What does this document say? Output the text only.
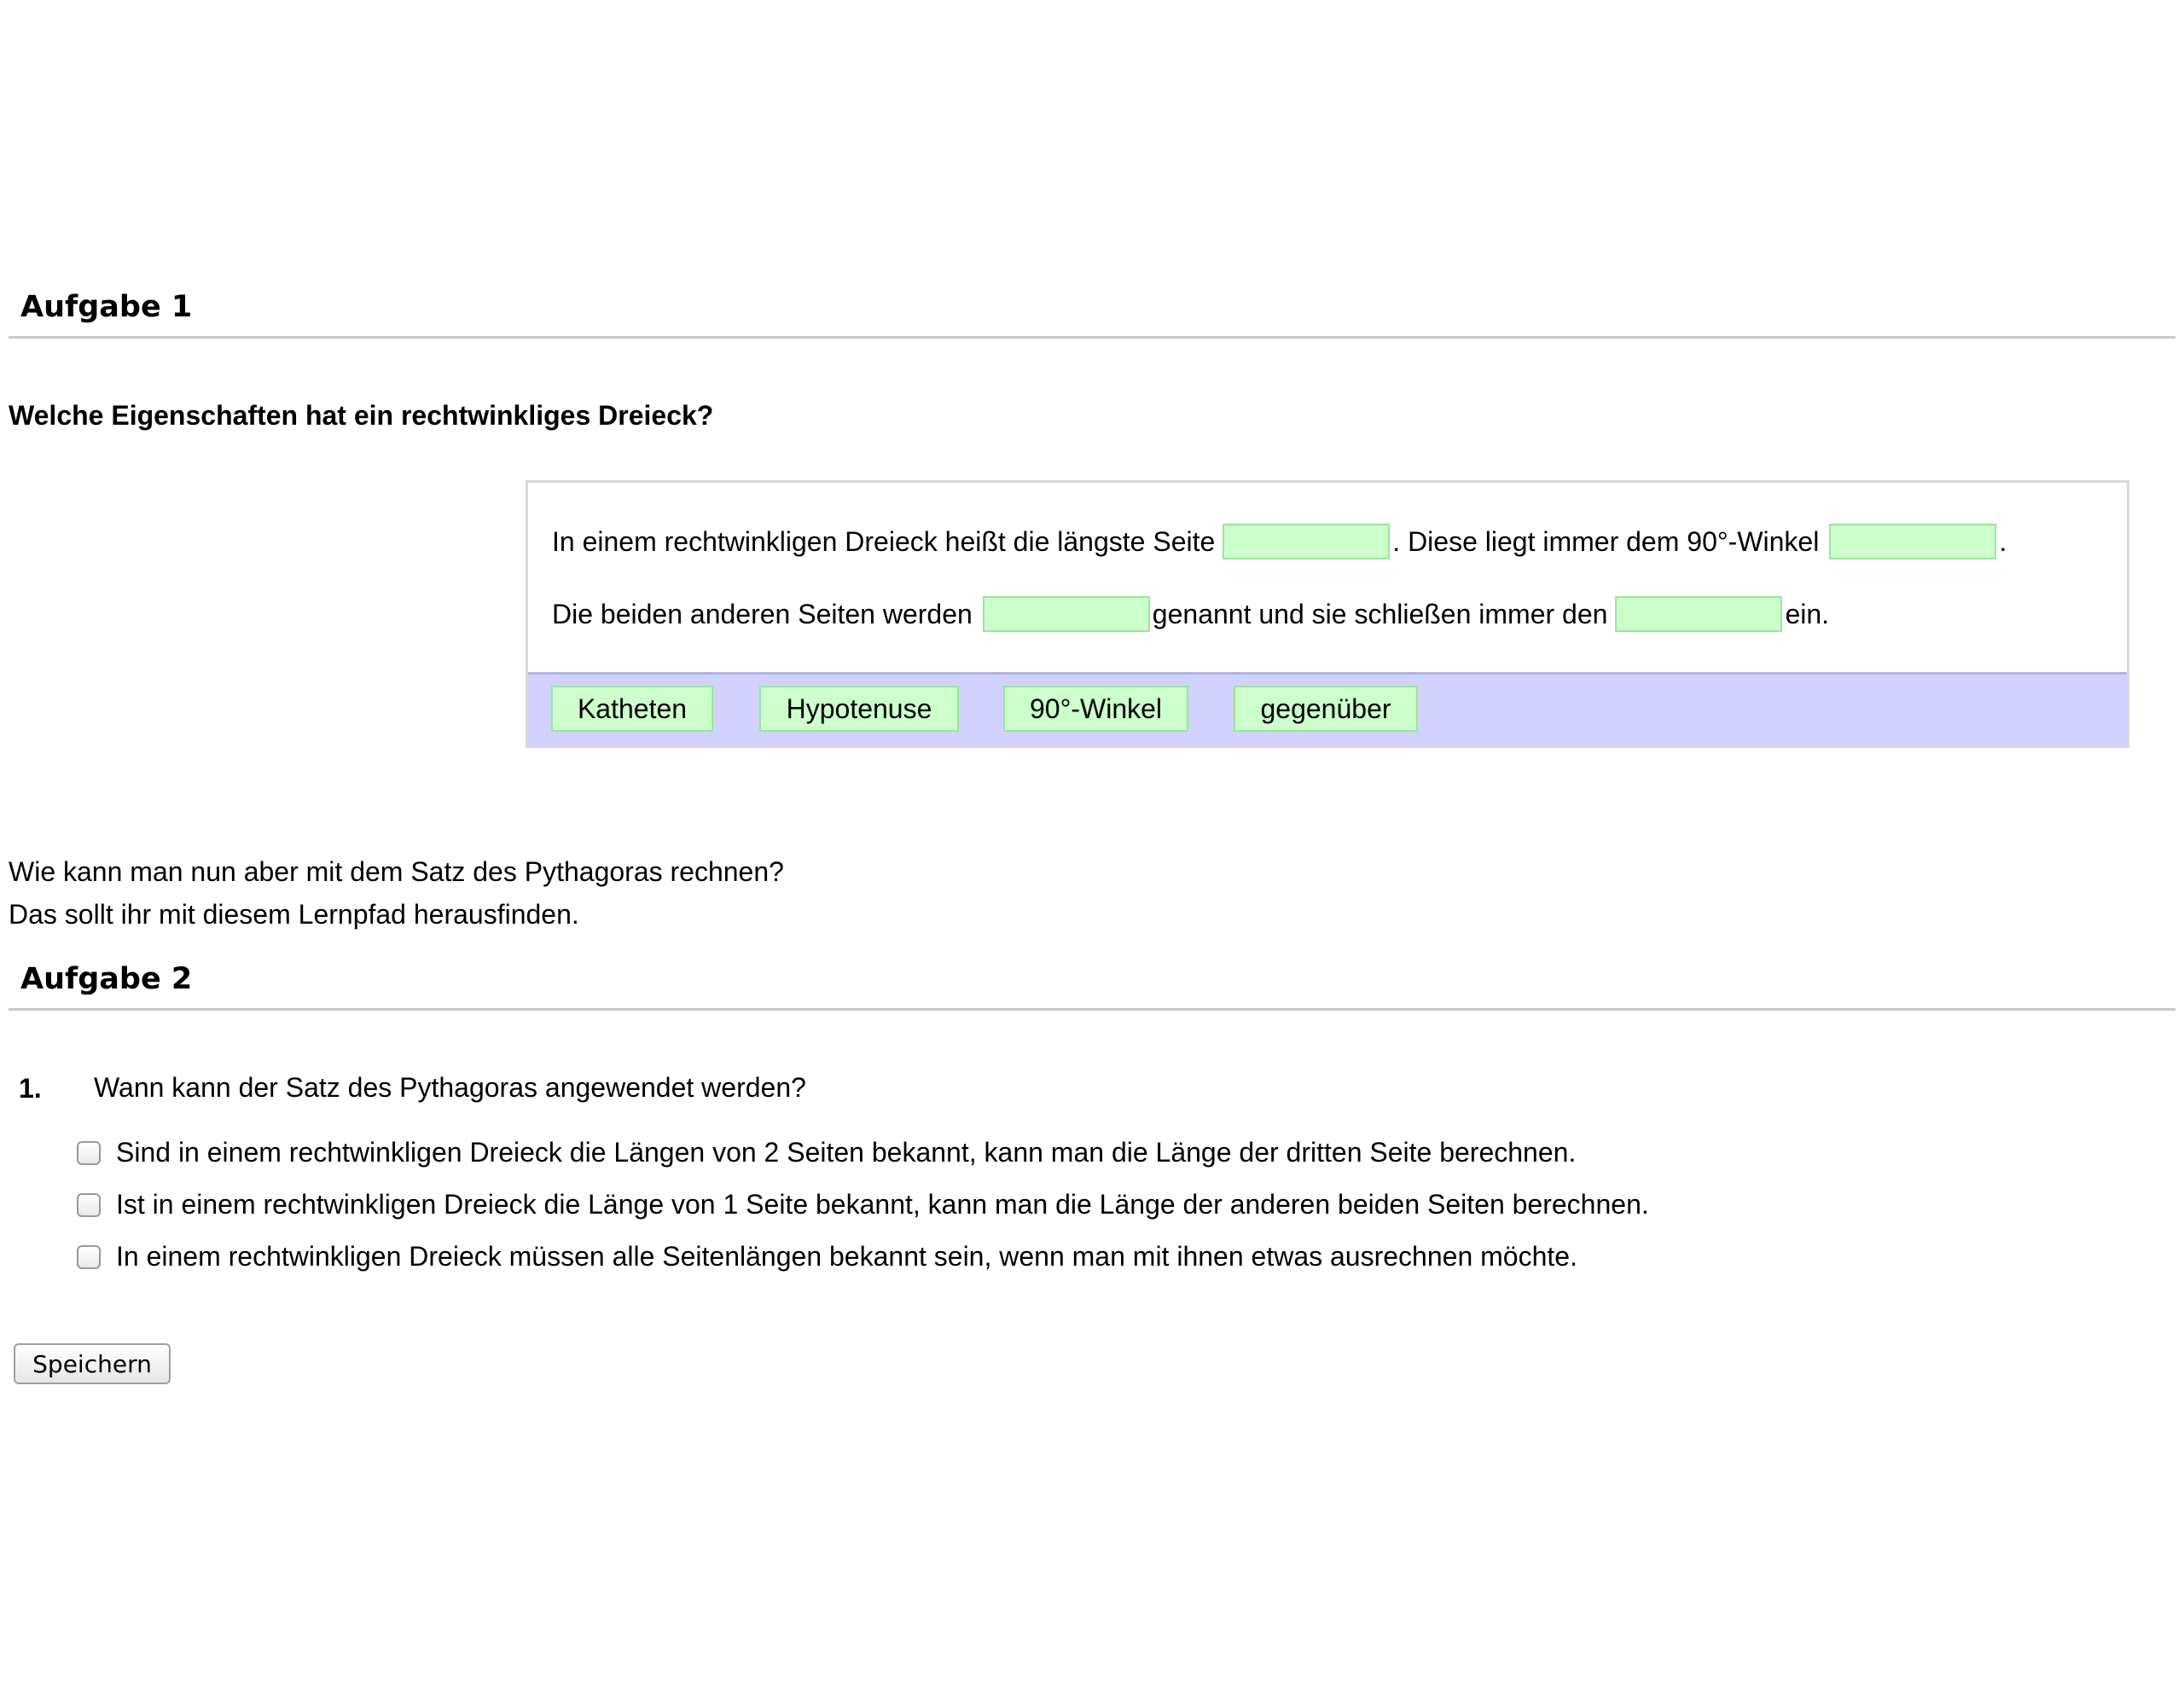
Aufgabe 1

Welche Eigenschaften hat ein rechtwinkliges Dreieck?

In einem rechtwinkligen Dreieck heißt die längste Seite	. Diese liegt immer dem 90°-Winkel	.
Die beiden anderen Seiten werden	genannt und sie schließen immer den	ein.
Katheten	Hypotenuse	90°-Winkel	gegenüber

Wie kann man nun aber mit dem Satz des Pythagoras rechnen?

Das sollt ihr mit diesem Lernpfad herausfinden.

Aufgabe 2
1. Wann kann der Satz des Pythagoras angewendet werden?
Sind in einem rechtwinkligen Dreieck die Längen von 2 Seiten bekannt, kann man die Länge der dritten Seite berechnen.
Ist in einem rechtwinkligen Dreieck die Länge von 1 Seite bekannt, kann man die Länge der anderen beiden Seiten berechnen.
In einem rechtwinkligen Dreieck müssen alle Seitenlängen bekannt sein, wenn man mit ihnen etwas ausrechnen möchte.
Speichern
